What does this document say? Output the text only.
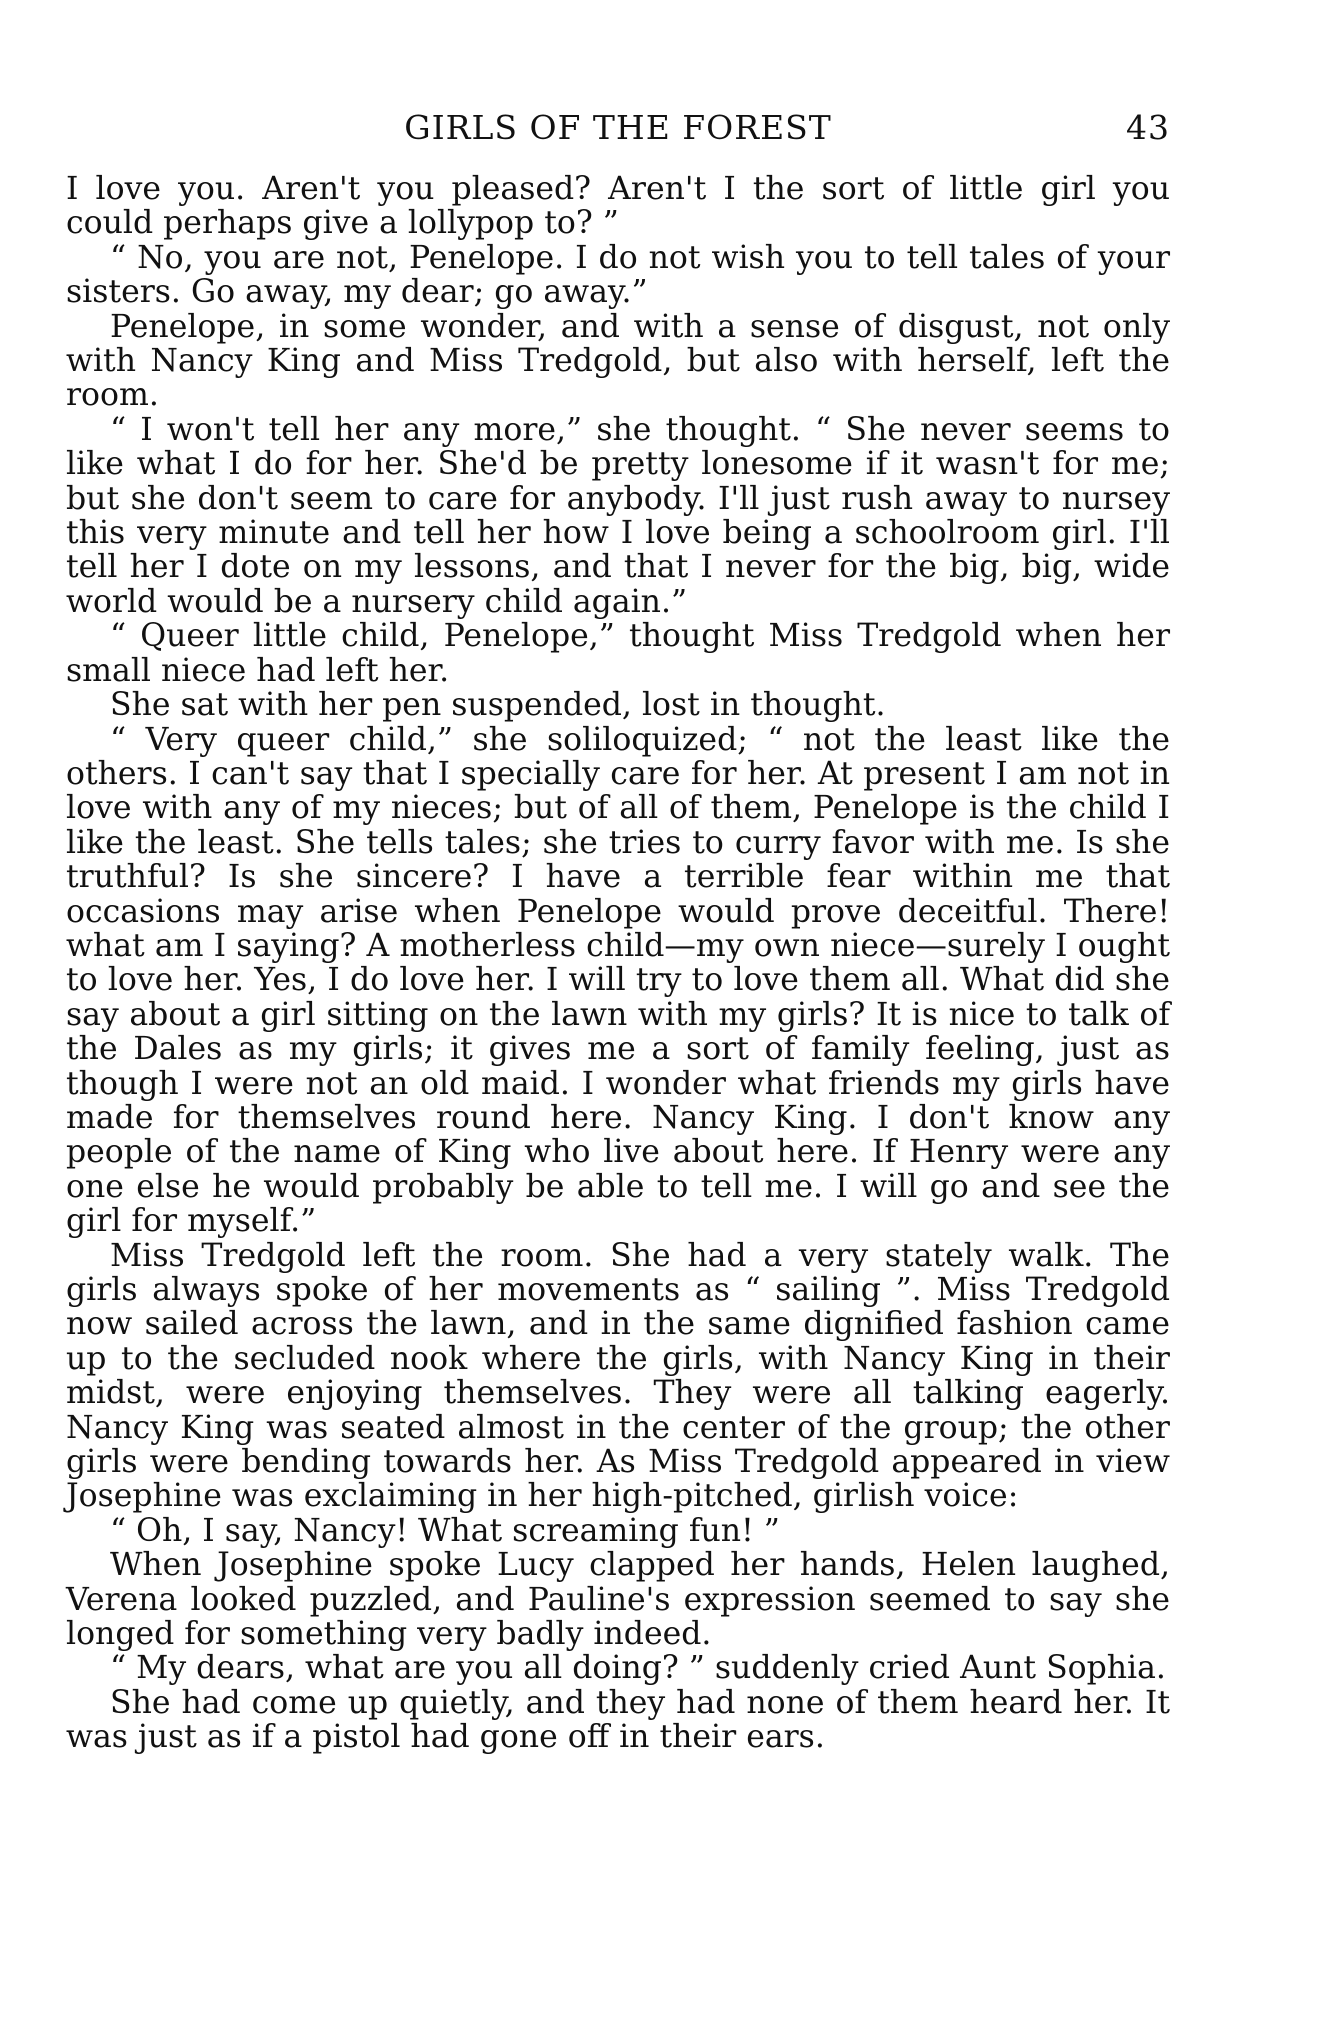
GIRLS OF THE FOREST	43

I love you. Aren't you pleased? Aren't I the sort of little girl you could perhaps give a lollypop to? ”

“ No, you are not, Penelope. I do not wish you to tell tales of your sisters. Go away, my dear; go away.”

Penelope, in some wonder, and with a sense of disgust, not only with Nancy King and Miss Tredgold, but also with herself, left the room.

“ I won't tell her any more,” she thought. “ She never seems to like what I do for her. She'd be pretty lonesome if it wasn't for me; but she don't seem to care for anybody. I'll just rush away to nursey this very minute and tell her how I love being a schoolroom girl. I'll tell her I dote on my lessons, and that I never for the big, big, wide world would be a nursery child again.”

“ Queer little child, Penelope,” thought Miss Tredgold when her small niece had left her.

She sat with her pen suspended, lost in thought.

“ Very queer child,” she soliloquized; “ not the least like the others. I can't say that I specially care for her. At present I am not in love with any of my nieces; but of all of them, Penelope is the child I like the least. She tells tales; she tries to curry favor with me. Is she truthful? Is she sincere? I have a terrible fear within me that occasions may arise when Penelope would prove deceitful. There! what am I saying? A motherless child—my own niece—surely I ought to love her. Yes, I do love her. I will try to love them all. What did she say about a girl sitting on the lawn with my girls? It is nice to talk of the Dales as my girls; it gives me a sort of family feeling, just as though I were not an old maid. I wonder what friends my girls have made for themselves round here. Nancy King. I don't know any people of the name of King who live about here. If Henry were any one else he would probably be able to tell me. I will go and see the girl for myself.”

Miss Tredgold left the room. She had a very stately walk. The girls always spoke of her movements as “ sailing ”. Miss Tredgold now sailed across the lawn, and in the same dignified fashion came up to the secluded nook where the girls, with Nancy King in their midst, were enjoying themselves. They were all talking eagerly. Nancy King was seated almost in the center of the group; the other girls were bending towards her. As Miss Tredgold appeared in view Josephine was exclaiming in her high-pitched, girlish voice:

“ Oh, I say, Nancy! What screaming fun! ”

When Josephine spoke Lucy clapped her hands, Helen laughed, Verena looked puzzled, and Pauline's expression seemed to say she longed for something very badly indeed.

“ My dears, what are you all doing? ” suddenly cried Aunt Sophia.

She had come up quietly, and they had none of them heard her. It was just as if a pistol had gone off in their ears.
